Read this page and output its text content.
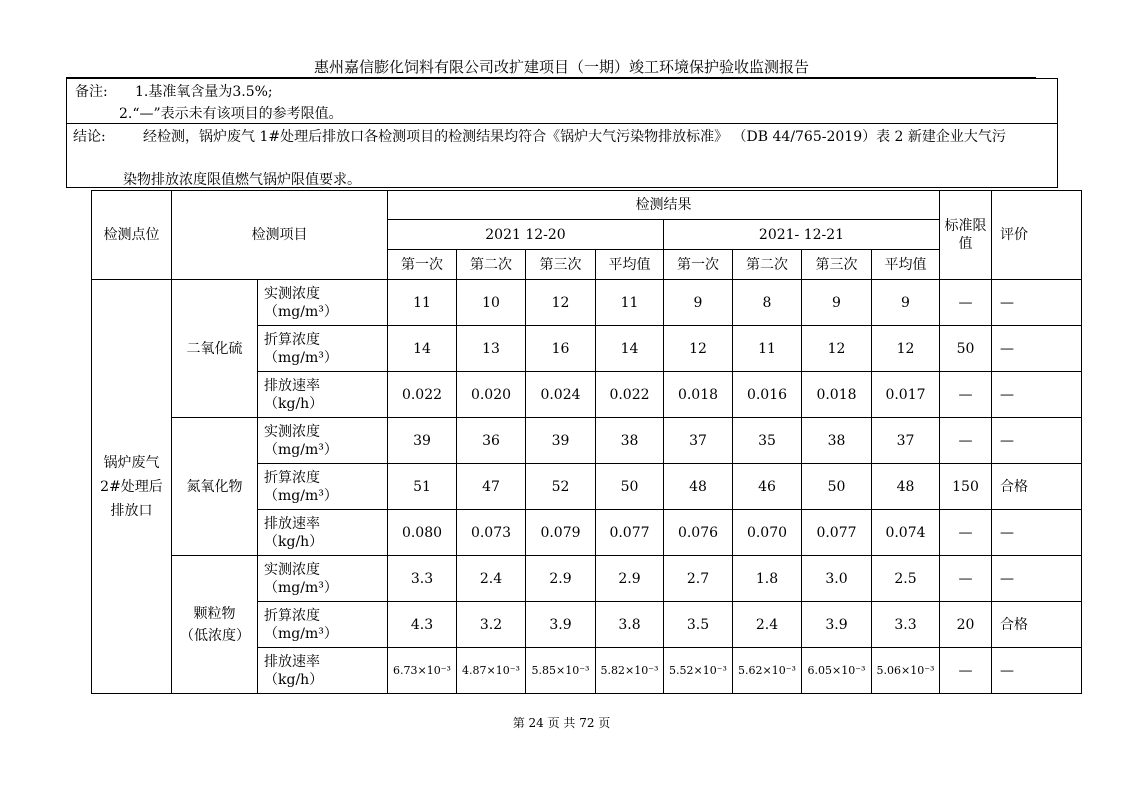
惠州嘉信膨化饲料有限公司改扩建项目（一期）竣工环境保护验收监测报告
备注: 1.基准氧含量为3.5%;
2.“—”表示未有该项目的参考限值。
结论:	经检测，锅炉废气 1#处理后排放口各检测项目的检测结果均符合《锅炉大气污染物排放标准》 （DB 44/765-2019）表 2 新建企业大气污
染物排放浓度限值燃气锅炉限值要求。
检测点位	检测项目		检测结果								标准限值	评价
			2021 12-20				2021- 12-21					
			第一次	第二次	第三次	平均值	第一次	第二次	第三次	平均值		
锅炉废气 2#处理后排放口	二氧化硫	实测浓度
（mg/m³）	11	10	12	11	9	8	9	9	—	—

		折算浓度
（mg/m³）	14	13	16	14	12	11	12	12	50	—

		排放速率
（kg/h）	0.022	0.020	0.024	0.022	0.018	0.016	0.018	0.017	—	—
	氮氧化物	实测浓度
（mg/m³）	39	36	39	38	37	35	38	37	—	—

		折算浓度
（mg/m³）	51	47	52	50	48	46	50	48	150	合格

		排放速率
（kg/h）	0.080	0.073	0.079	0.077	0.076	0.070	0.077	0.074	—	—
	颗粒物（低浓度）	实测浓度
（mg/m³）	3.3	2.4	2.9	2.9	2.7	1.8	3.0	2.5	—	—

		折算浓度
（mg/m³）	4.3	3.2	3.9	3.8	3.5	2.4	3.9	3.3	20	合格

		排放速率
（kg/h）	6.73×10⁻³	4.87×10⁻³	5.85×10⁻³	5.82×10⁻³	5.52×10⁻³	5.62×10⁻³	6.05×10⁻³	5.06×10⁻³	—	—
第 24 页 共 72 页
